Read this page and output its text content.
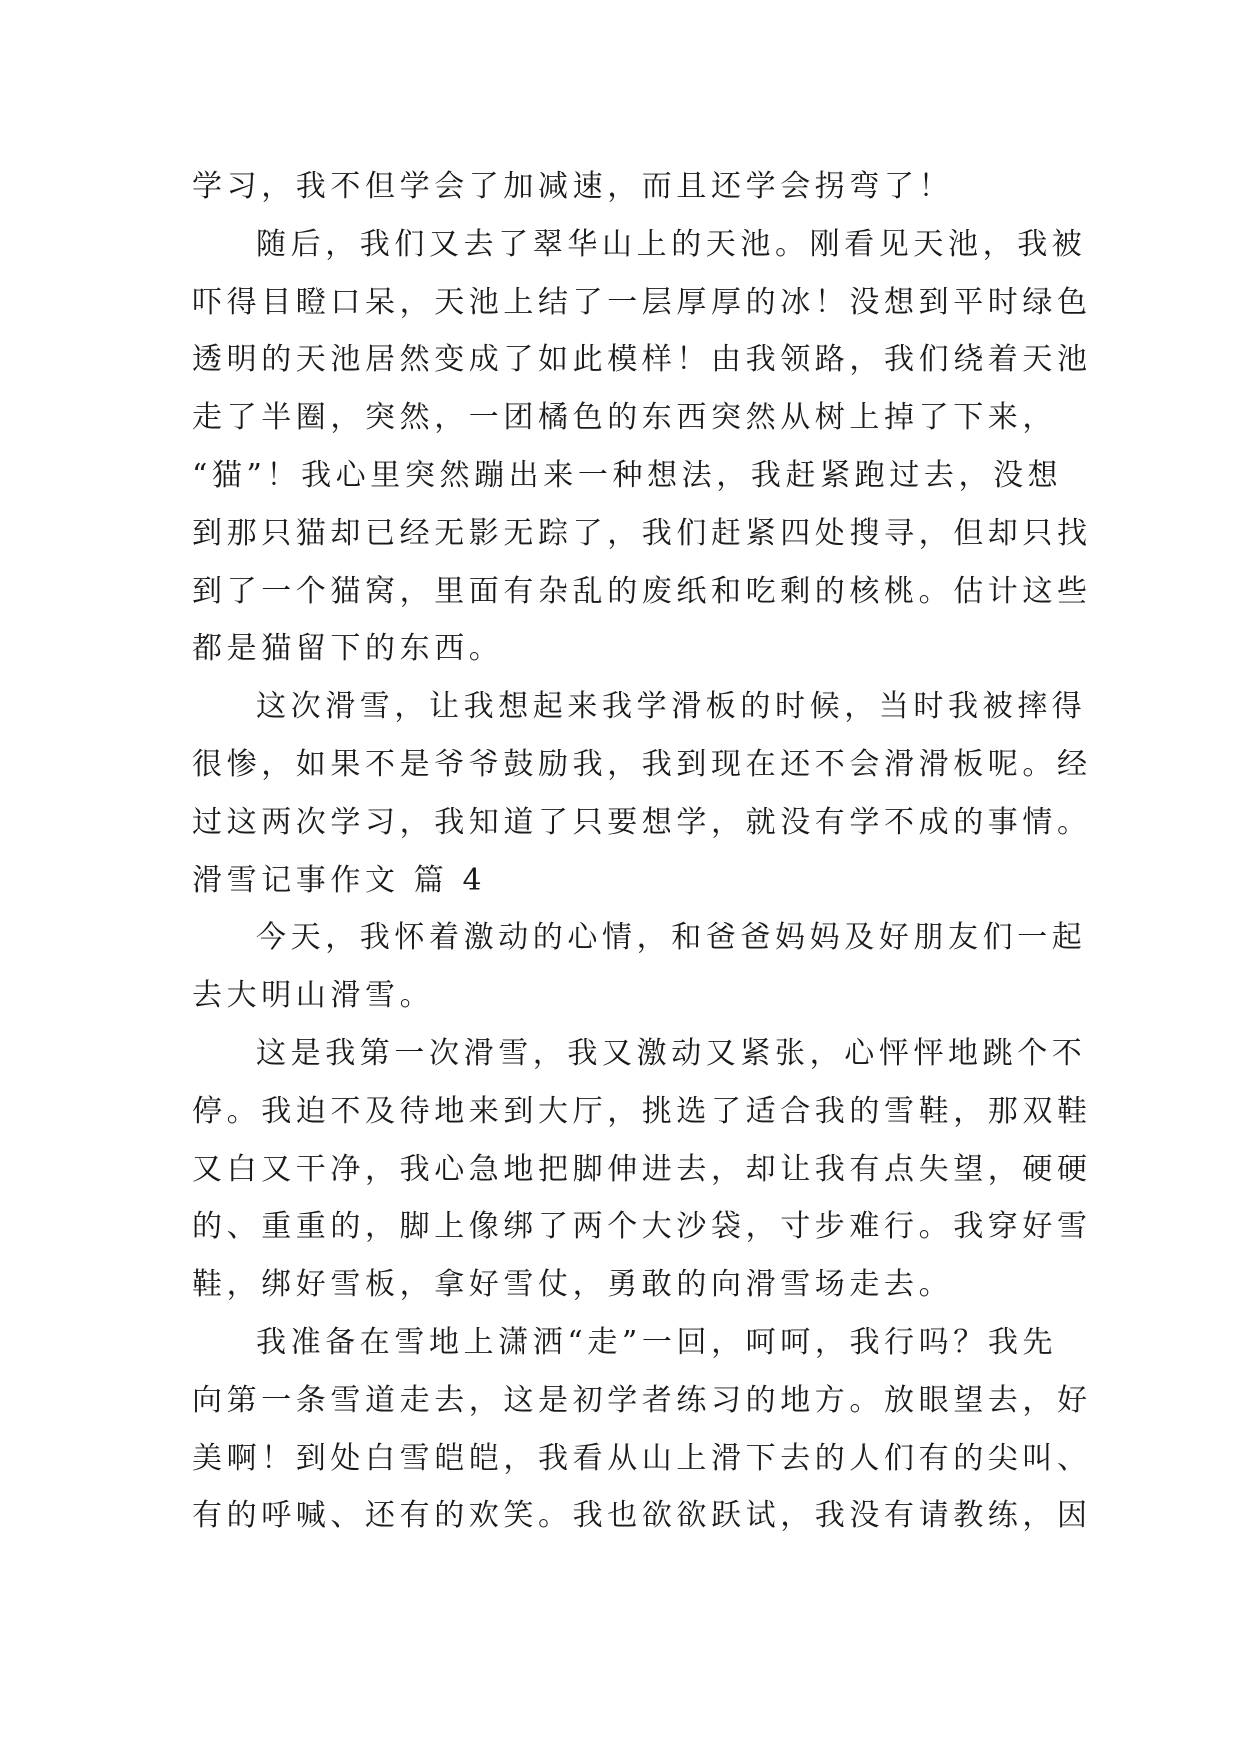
学习，我不但学会了加减速，而且还学会拐弯了！
随后，我们又去了翠华山上的天池。刚看见天池，我被
吓得目瞪口呆，天池上结了一层厚厚的冰！没想到平时绿色
透明的天池居然变成了如此模样！由我领路，我们绕着天池
走了半圈，突然，一团橘色的东西突然从树上掉了下来，
“猫”！我心里突然蹦出来一种想法，我赶紧跑过去，没想
到那只猫却已经无影无踪了，我们赶紧四处搜寻，但却只找
到了一个猫窝，里面有杂乱的废纸和吃剩的核桃。估计这些
都是猫留下的东西。
这次滑雪，让我想起来我学滑板的时候，当时我被摔得
很惨，如果不是爷爷鼓励我，我到现在还不会滑滑板呢。经
过这两次学习，我知道了只要想学，就没有学不成的事情。
滑雪记事作文 篇 4
今天，我怀着激动的心情，和爸爸妈妈及好朋友们一起
去大明山滑雪。
这是我第一次滑雪，我又激动又紧张，心怦怦地跳个不
停。我迫不及待地来到大厅，挑选了适合我的雪鞋，那双鞋
又白又干净，我心急地把脚伸进去，却让我有点失望，硬硬
的、重重的，脚上像绑了两个大沙袋，寸步难行。我穿好雪
鞋，绑好雪板，拿好雪仗，勇敢的向滑雪场走去。
我准备在雪地上潇洒“走”一回，呵呵，我行吗？我先
向第一条雪道走去，这是初学者练习的地方。放眼望去，好
美啊！到处白雪皑皑，我看从山上滑下去的人们有的尖叫、
有的呼喊、还有的欢笑。我也欲欲跃试，我没有请教练，因
